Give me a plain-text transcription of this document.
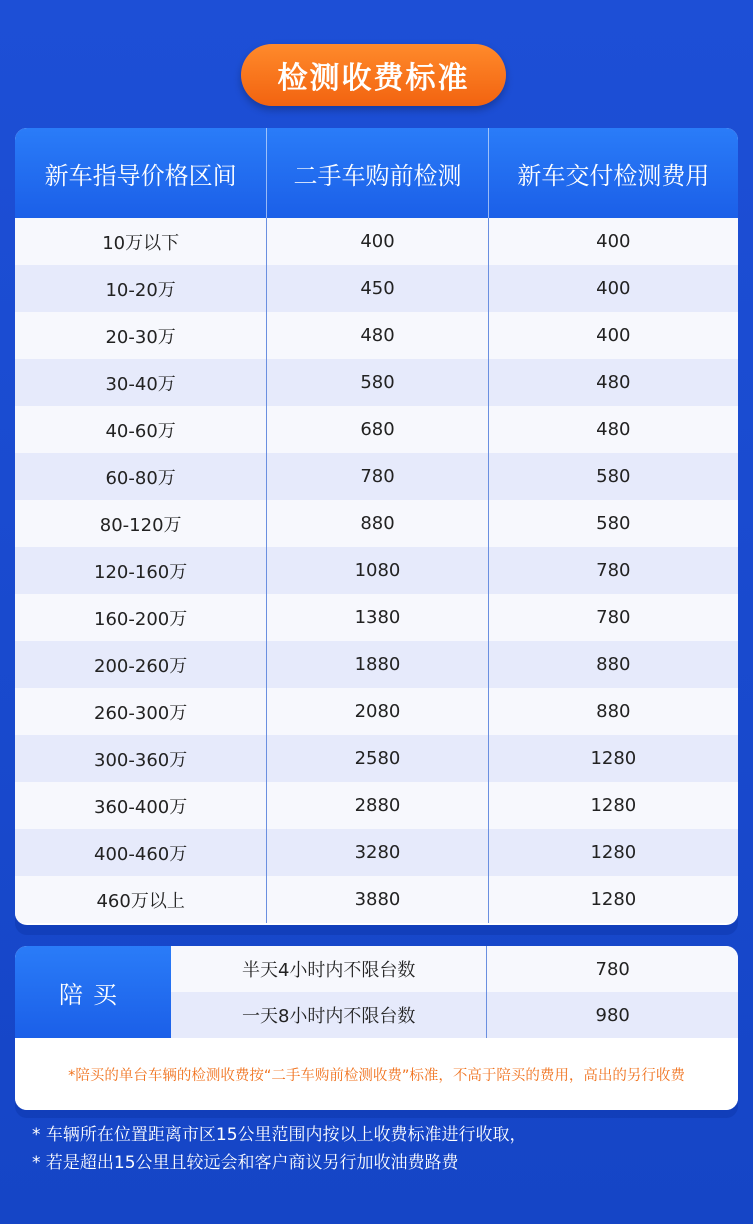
检测收费标准
新车指导价格区间	二手车购前检测	新车交付检测费用
10万以下	400	400
10-20万	450	400
20-30万	480	400
30-40万	580	480
40-60万	680	480
60-80万	780	580
80-120万	880	580
120-160万	1080	780
160-200万	1380	780
200-260万	1880	880
260-300万	2080	880
300-360万	2580	1280
360-400万	2880	1280
400-460万	3280	1280
460万以上	3880	1280
陪买
半天4小时内不限台数	780
一天8小时内不限台数	980
*陪买的单台车辆的检测收费按“二手车购前检测收费”标准，不高于陪买的费用，高出的另行收费
* 车辆所在位置距离市区15公里范围内按以上收费标准进行收取，
* 若是超出15公里且较远会和客户商议另行加收油费路费
